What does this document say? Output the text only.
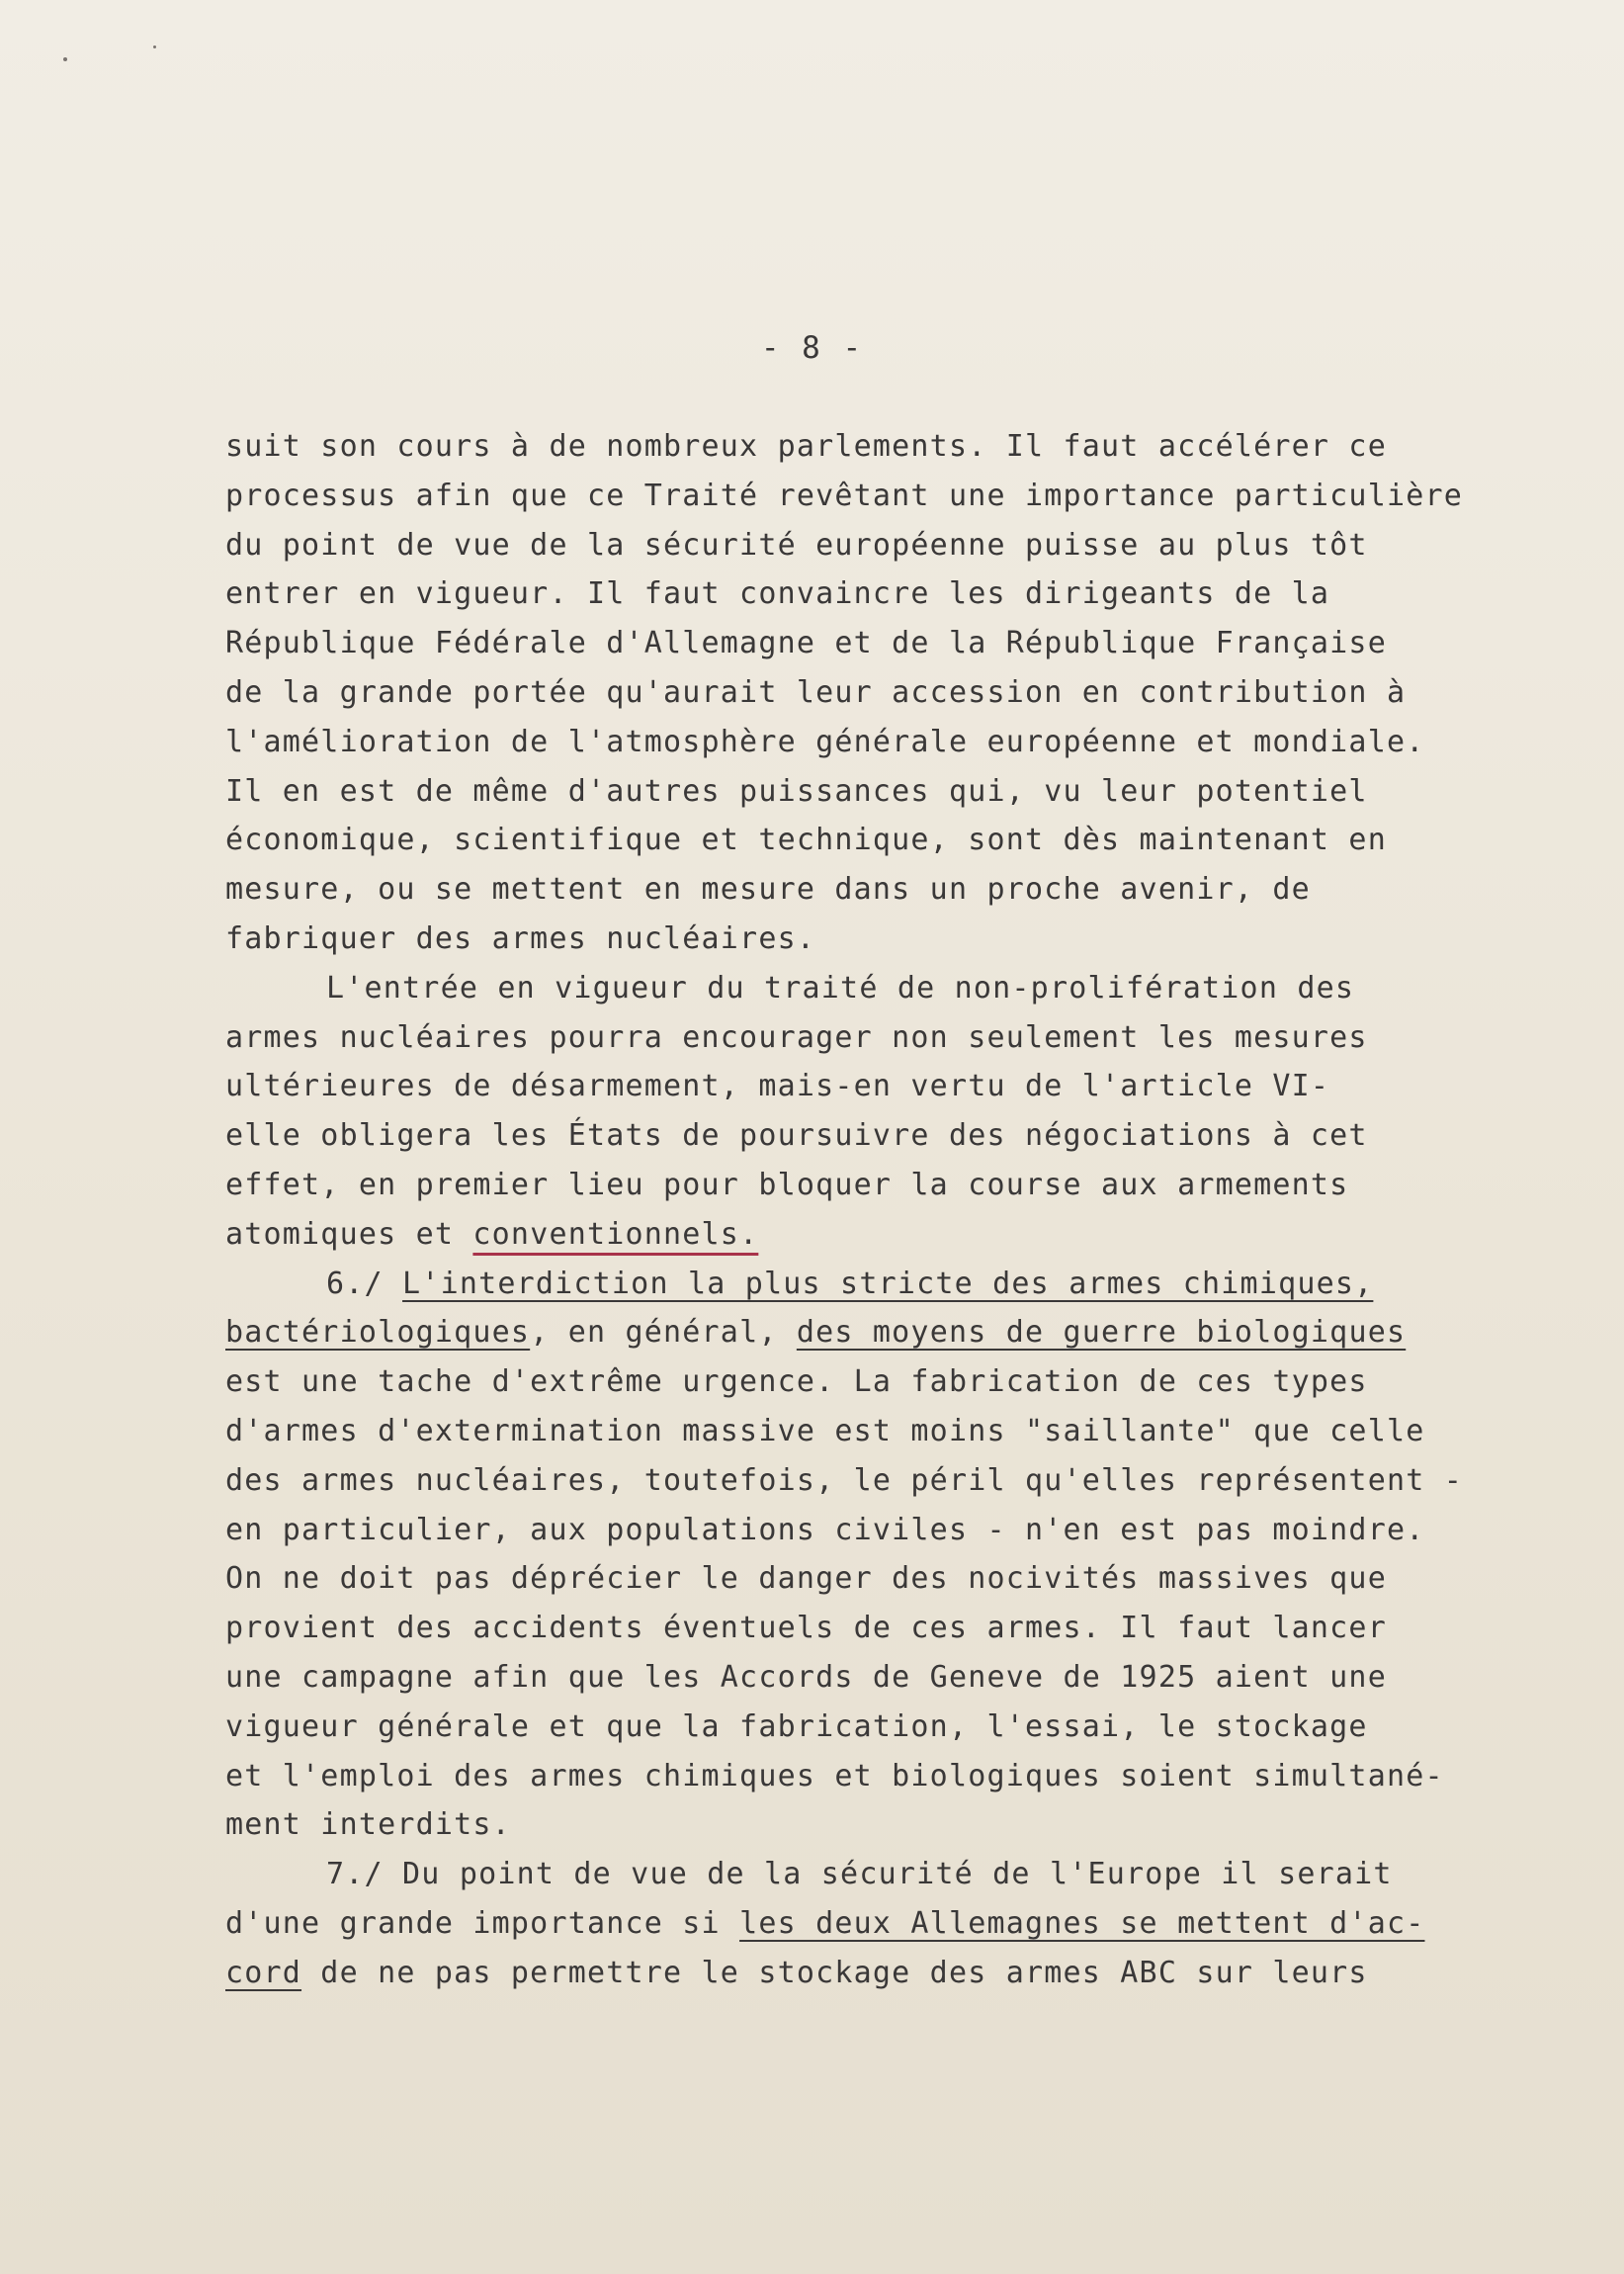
- 8 -
suit son cours à de nombreux parlements. Il faut accélérer ce
processus afin que ce Traité revêtant une importance particulière
du point de vue de la sécurité européenne puisse au plus tôt
entrer en vigueur. Il faut convaincre les dirigeants de la
République Fédérale d'Allemagne et de la République Française
de la grande portée qu'aurait leur accession en contribution à
l'amélioration de l'atmosphère générale européenne et mondiale.
Il en est de même d'autres puissances qui, vu leur potentiel
économique, scientifique et technique, sont dès maintenant en
mesure, ou se mettent en mesure dans un proche avenir, de
fabriquer des armes nucléaires.
L'entrée en vigueur du traité de non-prolifération des
armes nucléaires pourra encourager non seulement les mesures
ultérieures de désarmement, mais-en vertu de l'article VI-
elle obligera les États de poursuivre des négociations à cet
effet, en premier lieu pour bloquer la course aux armements
atomiques et conventionnels.
6./ L'interdiction la plus stricte des armes chimiques,
bactériologiques, en général, des moyens de guerre biologiques
est une tache d'extrême urgence. La fabrication de ces types
d'armes d'extermination massive est moins "saillante" que celle
des armes nucléaires, toutefois, le péril qu'elles représentent -
en particulier, aux populations civiles - n'en est pas moindre.
On ne doit pas déprécier le danger des nocivités massives que
provient des accidents éventuels de ces armes. Il faut lancer
une campagne afin que les Accords de Geneve de 1925 aient une
vigueur générale et que la fabrication, l'essai, le stockage
et l'emploi des armes chimiques et biologiques soient simultané-
ment interdits.
7./ Du point de vue de la sécurité de l'Europe il serait
d'une grande importance si les deux Allemagnes se mettent d'ac-
cord de ne pas permettre le stockage des armes ABC sur leurs
